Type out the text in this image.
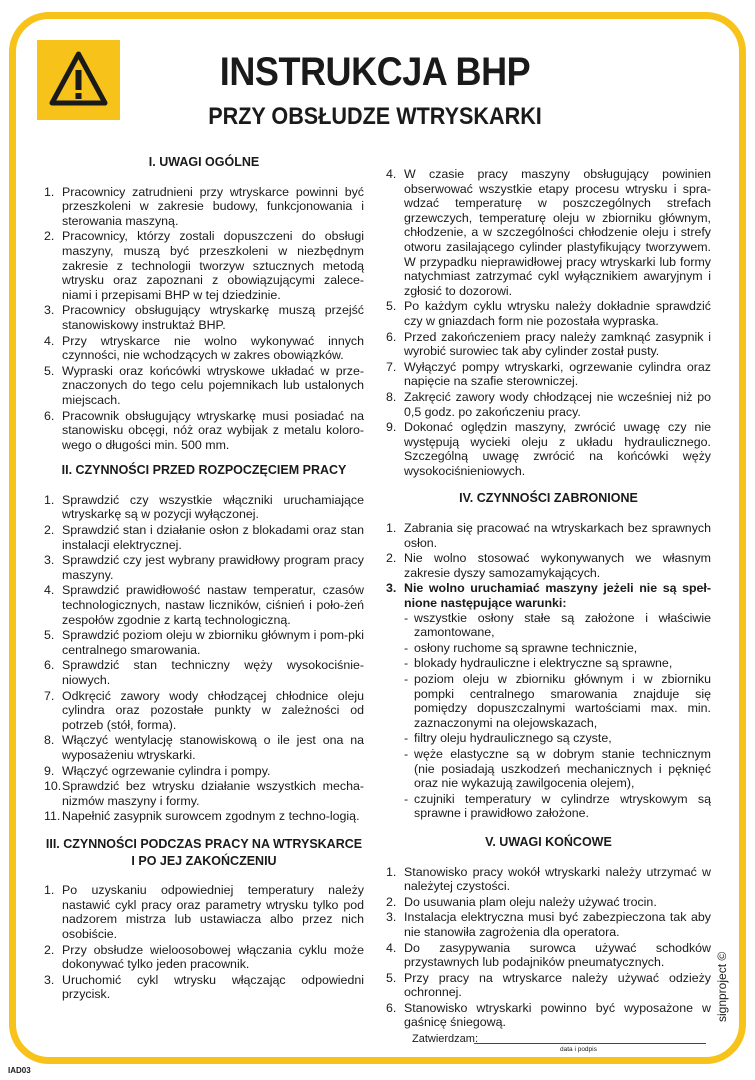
INSTRUKCJA BHP
PRZY OBSŁUDZE WTRYSKARKI
I. UWAGI OGÓLNE
1. Pracownicy zatrudnieni przy wtryskarce powinni być przeszkoleni w zakresie budowy, funkcjonowania i sterowania maszyną.
2. Pracownicy, którzy zostali dopuszczeni do obsługi maszyny, muszą być przeszkoleni w niezbędnym zakresie z technologii tworzyw sztucznych metodą wtrysku oraz zapoznani z obowiązującymi zalece-niami i przepisami BHP w tej dziedzinie.
3. Pracownicy obsługujący wtryskarkę muszą przejść stanowiskowy instruktaż BHP.
4. Przy wtryskarce nie wolno wykonywać innych czynności, nie wchodzących w zakres obowiązków.
5. Wypraski oraz końcówki wtryskowe układać w prze-znaczonych do tego celu pojemnikach lub ustalonych miejscach.
6. Pracownik obsługujący wtryskarkę musi posiadać na stanowisku obcęgi, nóż oraz wybijak z metalu koloro-wego o długości min. 500 mm.
II. CZYNNOŚCI PRZED ROZPOCZĘCIEM PRACY
1. Sprawdzić czy wszystkie włączniki uruchamiające wtryskarkę są w pozycji wyłączonej.
2. Sprawdzić stan i działanie osłon z blokadami oraz stan instalacji elektrycznej.
3. Sprawdzić czy jest wybrany prawidłowy program pracy maszyny.
4. Sprawdzić prawidłowość nastaw temperatur, czasów technologicznych, nastaw liczników, ciśnień i poło-żeń zespołów zgodnie z kartą technologiczną.
5. Sprawdzić poziom oleju w zbiorniku głównym i pom-pki centralnego smarowania.
6. Sprawdzić stan techniczny węży wysokociśnie-niowych.
7. Odkręcić zawory wody chłodzącej chłodnice oleju cylindra oraz pozostałe punkty w zależności od potrzeb (stół, forma).
8. Włączyć wentylację stanowiskową o ile jest ona na wyposażeniu wtryskarki.
9. Włączyć ogrzewanie cylindra i pompy.
10. Sprawdzić bez wtrysku działanie wszystkich mecha-nizmów maszyny i formy.
11. Napełnić zasypnik surowcem zgodnym z techno-logią.
III. CZYNNOŚCI PODCZAS PRACY NA WTRYSKARCE
I PO JEJ ZAKOŃCZENIU
1. Po uzyskaniu odpowiedniej temperatury należy nastawić cykl pracy oraz parametry wtrysku tylko pod nadzorem mistrza lub ustawiacza albo przez nich osobiście.
2. Przy obsłudze wieloosobowej włączania cyklu może dokonywać tylko jeden pracownik.
3. Uruchomić cykl wtrysku włączając odpowiedni przycisk.
4. W czasie pracy maszyny obsługujący powinien obserwować wszystkie etapy procesu wtrysku i spra-wdzać temperaturę w poszczególnych strefach grzewczych, temperaturę oleju w zbiorniku głównym, chłodzenie, a w szczególności chłodzenie oleju i strefy otworu zasilającego cylinder plastyfikujący tworzywem. W przypadku nieprawidłowej pracy wtryskarki lub formy natychmiast zatrzymać cykl wyłącznikiem awaryjnym i zgłosić to dozorowi.
5. Po każdym cyklu wtrysku należy dokładnie sprawdzić czy w gniazdach form nie pozostała wypraska.
6. Przed zakończeniem pracy należy zamknąć zasypnik i wyrobić surowiec tak aby cylinder został pusty.
7. Wyłączyć pompy wtryskarki, ogrzewanie cylindra oraz napięcie na szafie sterowniczej.
8. Zakręcić zawory wody chłodzącej nie wcześniej niż po 0,5 godz. po zakończeniu pracy.
9. Dokonać oględzin maszyny, zwrócić uwagę czy nie występują wycieki oleju z układu hydraulicznego. Szczególną uwagę zwrócić na końcówki węży wysokociśnieniowych.
IV. CZYNNOŚCI ZABRONIONE
1. Zabrania się pracować na wtryskarkach bez sprawnych osłon.
2. Nie wolno stosować wykonywanych we własnym zakresie dyszy samozamykających.
3. Nie wolno uruchamiać maszyny jeżeli nie są speł-nione następujące warunki:
- wszystkie osłony stałe są założone i właściwie zamontowane,
- osłony ruchome są sprawne technicznie,
- blokady hydrauliczne i elektryczne są sprawne,
- poziom oleju w zbiorniku głównym i w zbiorniku pompki centralnego smarowania znajduje się pomiędzy dopuszczalnymi wartościami max. min. zaznaczonymi na olejowskazach,
- filtry oleju hydraulicznego są czyste,
- węże elastyczne są w dobrym stanie technicznym (nie posiadają uszkodzeń mechanicznych i pęknięć oraz nie wykazują zawilgocenia olejem),
- czujniki temperatury w cylindrze wtryskowym są sprawne i prawidłowo założone.
V. UWAGI KOŃCOWE
1. Stanowisko pracy wokół wtryskarki należy utrzymać w należytej czystości.
2. Do usuwania plam oleju należy używać trocin.
3. Instalacja elektryczna musi być zabezpieczona tak aby nie stanowiła zagrożenia dla operatora.
4. Do zasypywania surowca używać schodków przystawnych lub podajników pneumatycznych.
5. Przy pracy na wtryskarce należy używać odzieży ochronnej.
6. Stanowisko wtryskarki powinno być wyposażone w gaśnicę śniegową.
Zatwierdzam:
data i podpis
signproject ©
IAD03
